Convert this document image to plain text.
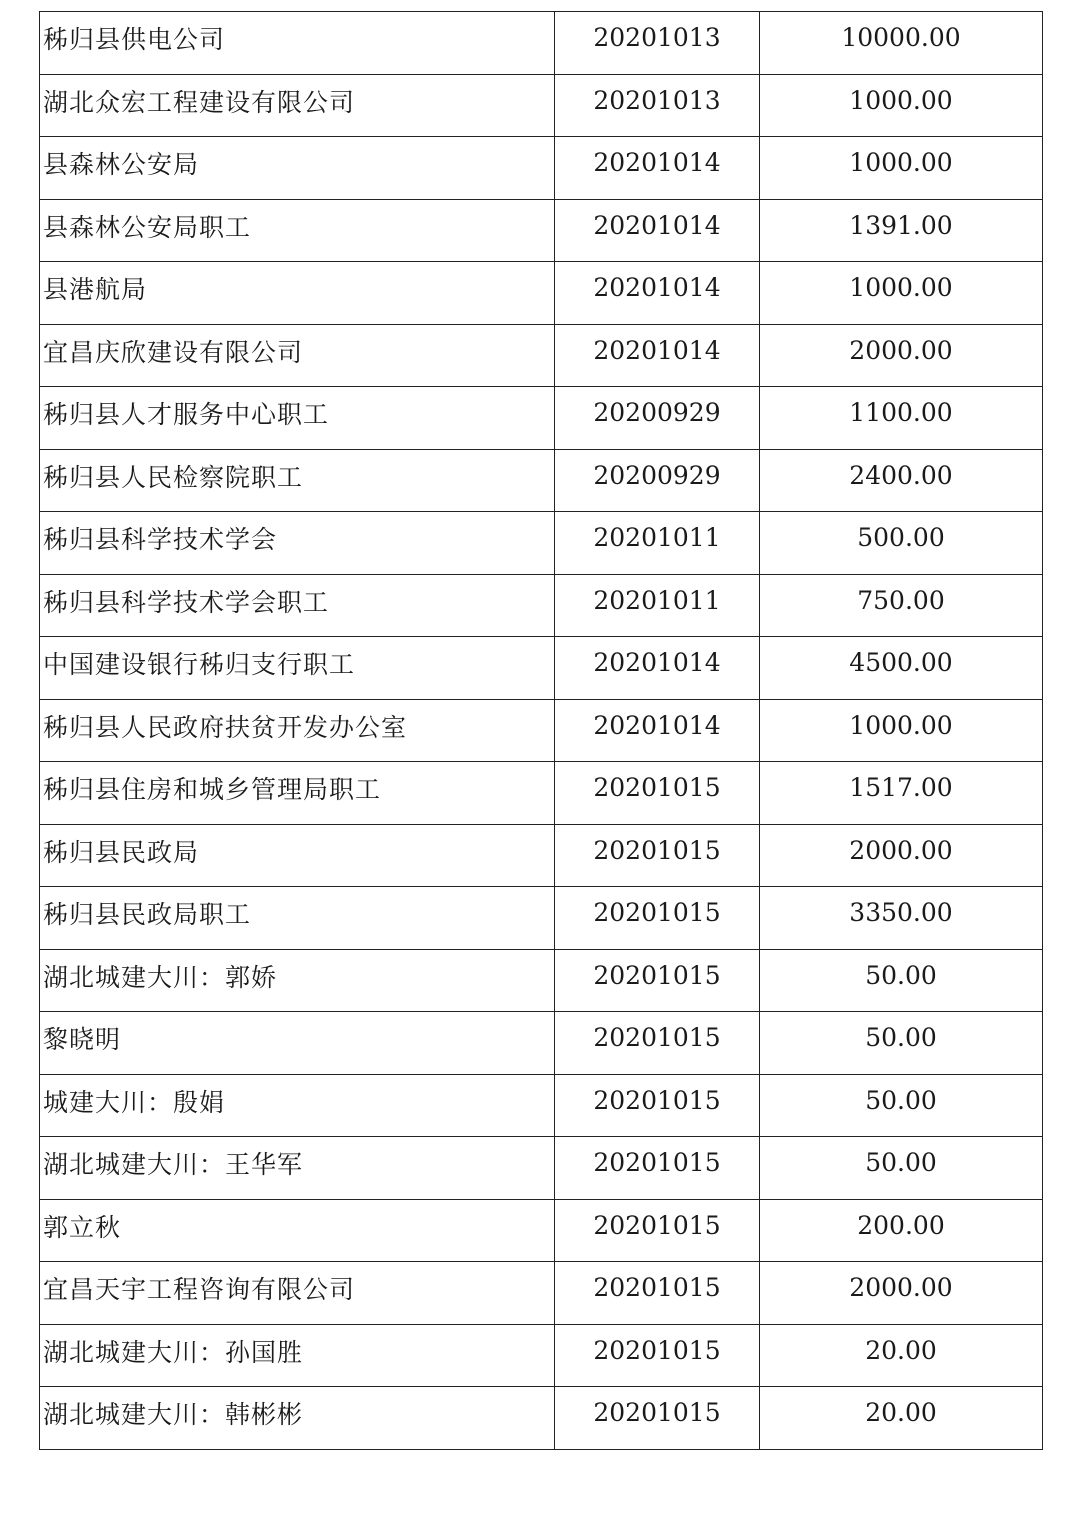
秭归县供电公司	20201013	10000.00

湖北众宏工程建设有限公司	20201013	1000.00

县森林公安局	20201014	1000.00

县森林公安局职工	20201014	1391.00

县港航局	20201014	1000.00

宜昌庆欣建设有限公司	20201014	2000.00

秭归县人才服务中心职工	20200929	1100.00

秭归县人民检察院职工	20200929	2400.00

秭归县科学技术学会	20201011	500.00

秭归县科学技术学会职工	20201011	750.00

中国建设银行秭归支行职工	20201014	4500.00

秭归县人民政府扶贫开发办公室	20201014	1000.00

秭归县住房和城乡管理局职工	20201015	1517.00

秭归县民政局	20201015	2000.00

秭归县民政局职工	20201015	3350.00

湖北城建大川：郭娇	20201015	50.00

黎晓明	20201015	50.00

城建大川：殷娟	20201015	50.00

湖北城建大川：王华军	20201015	50.00

郭立秋	20201015	200.00

宜昌天宇工程咨询有限公司	20201015	2000.00

湖北城建大川：孙国胜	20201015	20.00

湖北城建大川：韩彬彬	20201015	20.00
